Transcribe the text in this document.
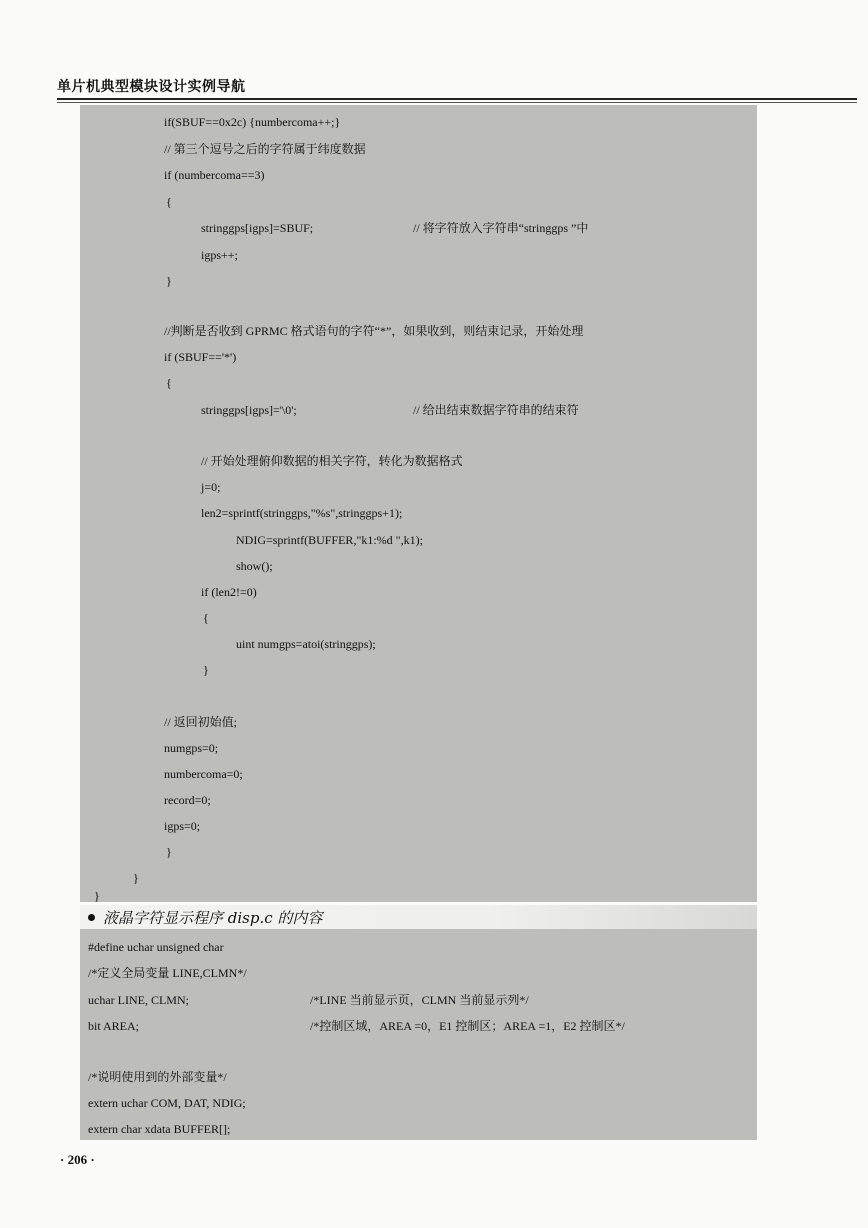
单片机典型模块设计实例导航
if(SBUF==0x2c) {numbercoma++;}
// 第三个逗号之后的字符属于纬度数据
if (numbercoma==3)
{
stringgps[igps]=SBUF;	// 将字符放入字符串“stringgps ”中
igps++;
}
//判断是否收到 GPRMC 格式语句的字符“*”，如果收到，则结束记录，开始处理
if (SBUF=='*')
{
stringgps[igps]='\0';	// 给出结束数据字符串的结束符
// 开始处理俯仰数据的相关字符，转化为数据格式
j=0;
len2=sprintf(stringgps,"%s",stringgps+1);
NDIG=sprintf(BUFFER,"k1:%d ",k1);
show();
if (len2!=0)
{
uint numgps=atoi(stringgps);
}
// 返回初始值;
numgps=0;
numbercoma=0;
record=0;
igps=0;
}
}
}
液晶字符显示程序 disp.c 的内容
#define uchar unsigned char
/*定义全局变量 LINE,CLMN*/
uchar LINE, CLMN;	/*LINE 当前显示页，CLMN 当前显示列*/
bit AREA;	/*控制区域，AREA =0，E1 控制区；AREA =1，E2 控制区*/
/*说明使用到的外部变量*/
extern uchar COM, DAT, NDIG;
extern char xdata BUFFER[];
· 206 ·
